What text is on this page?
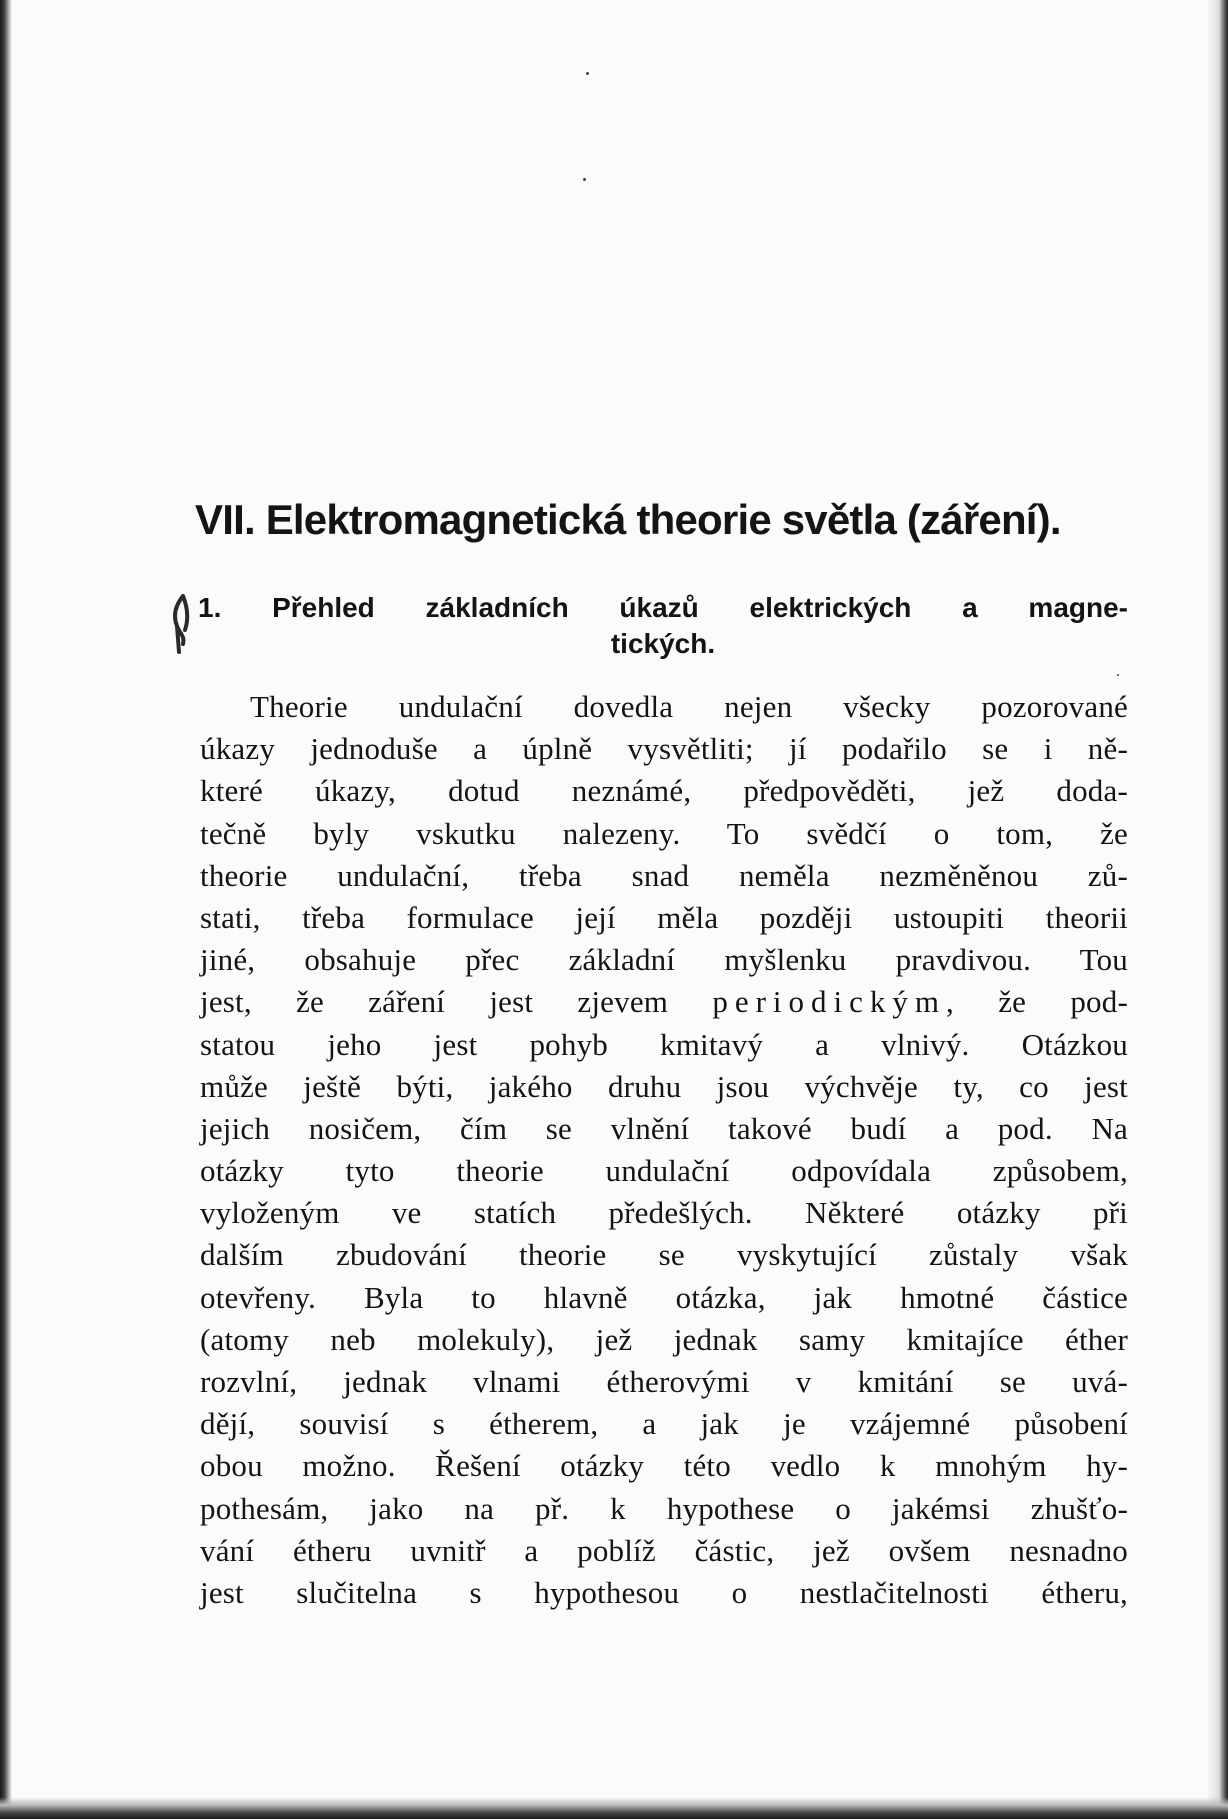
VII. Elektromagnetická theorie světla (záření).
1. Přehled základních úkazů elektrických a magne-
tických.
Theorie undulační dovedla nejen všecky pozorované
úkazy jednoduše a úplně vysvětliti; jí podařilo se i ně-
které úkazy, dotud neznámé, předpověděti, jež doda-
tečně byly vskutku nalezeny. To svědčí o tom, že
theorie undulační, třeba snad neměla nezměněnou zů-
stati, třeba formulace její měla později ustoupiti theorii
jiné, obsahuje přec základní myšlenku pravdivou. Tou
jest, že záření jest zjevem periodickým, že pod-
statou jeho jest pohyb kmitavý a vlnivý. Otázkou
může ještě býti, jakého druhu jsou výchvěje ty, co jest
jejich nosičem, čím se vlnění takové budí a pod. Na
otázky tyto theorie undulační odpovídala způsobem,
vyloženým ve statích předešlých. Některé otázky při
dalším zbudování theorie se vyskytující zůstaly však
otevřeny. Byla to hlavně otázka, jak hmotné částice
(atomy neb molekuly), jež jednak samy kmitajíce éther
rozvlní, jednak vlnami étherovými v kmitání se uvá-
dějí, souvisí s étherem, a jak je vzájemné působení
obou možno. Řešení otázky této vedlo k mnohým hy-
pothesám, jako na př. k hypothese o jakémsi zhušťo-
vání étheru uvnitř a poblíž částic, jež ovšem nesnadno
jest slučitelna s hypothesou o nestlačitelnosti étheru,
